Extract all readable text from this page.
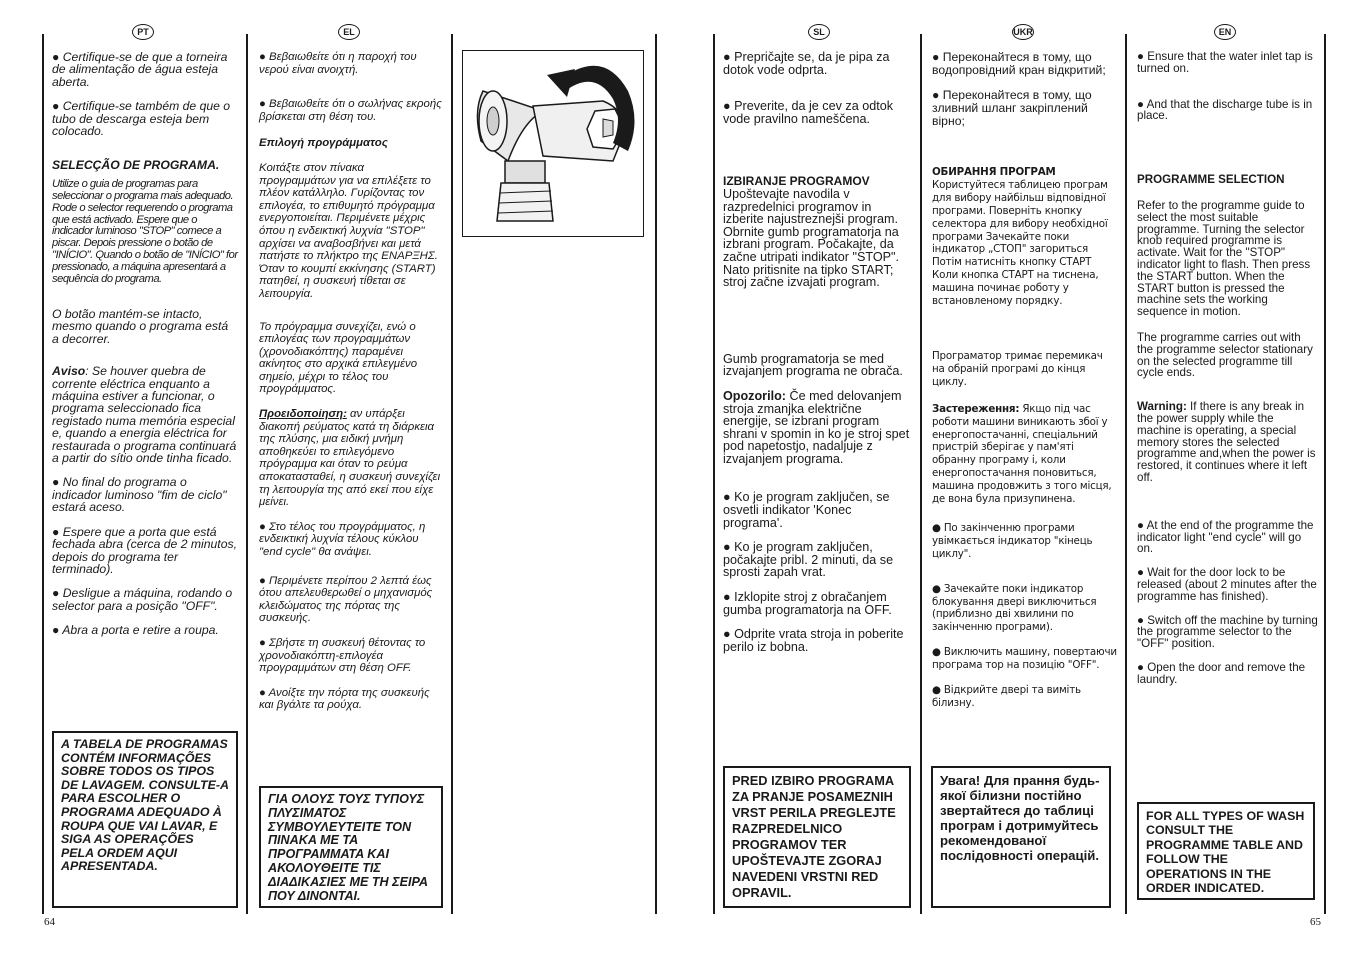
PT	EL	SL	UKR	EN

● Certifique-se de que a torneira de alimentação de água esteja aberta.

● Certifique-se também de que o tubo de descarga esteja bem colocado.

SELECÇÃO DE PROGRAMA.

Utilize o guia de programas para seleccionar o programa mais adequado. Rode o selector requerendo o programa que está activado. Espere que o indicador luminoso "STOP" comece a piscar. Depois pressione o botão de "INÍCIO". Quando o botão de "INÍCIO" for pressionado, a máquina apresentará a sequência do programa.

O botão mantém-se intacto, mesmo quando o programa está a decorrer.

Aviso: Se houver quebra de corrente eléctrica enquanto a máquina estiver a funcionar, o programa seleccionado fica registado numa memória especial e, quando a energia eléctrica for restaurada o programa continuará a partir do sítio onde tinha ficado.

● No final do programa o indicador luminoso "fim de ciclo" estará aceso.

● Espere que a porta que está fechada abra (cerca de 2 minutos, depois do programa ter terminado).

● Desligue a máquina, rodando o selector para a posição "OFF".

● Abra a porta e retire a roupa.

A TABELA DE PROGRAMAS CONTÉM INFORMAÇÕES SOBRE TODOS OS TIPOS DE LAVAGEM. CONSULTE-A PARA ESCOLHER O PROGRAMA ADEQUADO À ROUPA QUE VAI LAVAR, E SIGA AS OPERAÇÕES PELA ORDEM AQUI APRESENTADA.

● Βεβαιωθείτε ότι η παροχή του νερού είναι ανοιχτή.

● Βεβαιωθείτε ότι ο σωλήνας εκροής βρίσκεται στη θέση του.

Επιλογή προγράμματος

Κοιτάξτε στον πίνακα προγραμμάτων για να επιλέξετε το πλέον κατάλληλο. Γυρίζοντας τον επιλογέα, το επιθυμητό πρόγραμμα ενεργοποιείται. Περιμένετε μέχρις όπου η ενδεικτική λυχνία "STOP" αρχίσει να αναβοσβήνει και μετά πατήστε το πλήκτρο της ΕΝΑΡΞΗΣ. Όταν το κουμπί εκκίνησης (START) πατηθεί, η συσκευή τίθεται σε λειτουργία.

Το πρόγραμμα συνεχίζει, ενώ ο επιλογέας των προγραμμάτων (χρονοδιακόπτης) παραμένει ακίνητος στο αρχικά επιλεγμένο σημείο, μέχρι το τέλος του προγράμματος.

Προειδοποίηση: αν υπάρξει διακοπή ρεύματος κατά τη διάρκεια της πλύσης, μια ειδική μνήμη αποθηκεύει το επιλεγόμενο πρόγραμμα και όταν το ρεύμα αποκατασταθεί, η συσκευή συνεχίζει τη λειτουργία της από εκεί που είχε μείνει.

● Στο τέλος του προγράμματος, η ενδεικτική λυχνία τέλους κύκλου "end cycle" θα ανάψει.

● Περιμένετε περίπου 2 λεπτά έως ότου απελευθερωθεί ο μηχανισμός κλειδώματος της πόρτας της συσκευής.

● Σβήστε τη συσκευή θέτοντας το χρονοδιακόπτη-επιλογέα προγραμμάτων στη θέση OFF.

● Ανοίξτε την πόρτα της συσκευής και βγάλτε τα ρούχα.

ΓΙΑ ΟΛΟΥΣ ΤΟΥΣ ΤΥΠΟΥΣ ΠΛΥΣΙΜΑΤΟΣ ΣΥΜΒΟΥΛΕΥΤΕΙΤΕ ΤΟΝ ΠΙΝΑΚΑ ΜΕ ΤΑ ΠΡΟΓΡΑΜΜΑΤΑ ΚΑΙ ΑΚΟΛΟΥΘΕΙΤΕ ΤΙΣ ΔΙΑΔΙΚΑΣΙΕΣ ΜΕ ΤΗ ΣΕΙΡΑ ΠΟΥ ΔΙΝΟΝΤΑΙ.

● Prepričajte se, da je pipa za dotok vode odprta.

● Preverite, da je cev za odtok vode pravilno nameščena.

IZBIRANJE PROGRAMOV

Upoštevajte navodila v razpredelnici programov in izberite najustreznejši program. Obrnite gumb programatorja na izbrani program. Počakajte, da začne utripati indikator "STOP". Nato pritisnite na tipko START; stroj začne izvajati program.

Gumb programatorja se med izvajanjem programa ne obrača.

Opozorilo: Če med delovanjem stroja zmanjka električne energije, se izbrani program shrani v spomin in ko je stroj spet pod napetostjo, nadaljuje z izvajanjem programa.

● Ko je program zaključen, se osvetli indikator 'Konec programa'.

● Ko je program zaključen, počakajte pribl. 2 minuti, da se sprosti zapah vrat.

● Izklopite stroj z obračanjem gumba programatorja na OFF.

● Odprite vrata stroja in poberite perilo iz bobna.

PRED IZBIRO PROGRAMA ZA PRANJE POSAMEZNIH VRST PERILA PREGLEJTE RAZPREDELNICO PROGRAMOV TER UPOŠTEVAJTE ZGORAJ NAVEDENI VRSTNI RED OPRAVIL.

● Переконайтеся в тому, що водопровідний кран відкритий;

● Переконайтеся в тому, що зливний шланг закріплений вірно;

ОБИРАННЯ ПРОГРАМ

Користуйтеся таблицею програм для вибору найбільш відповідної програми. Поверніть кнопку селектора для вибору необхідної програми Зачекайте поки індикатор „СТОП" загориться Потім натисніть кнопку СТАРТ Коли кнопка СТАРТ на тиснена, машина починає роботу у встановленому порядку.

Програматор тримає перемикач на обраній програмі до кінця циклу.

Застереження: Якщо під час роботи машини виникають збої у енергопостачанні, спеціальний пристрій зберігає у пам'яті обранну програму і, коли енергопостачання поновиться, машина продовжить з того місця, де вона була призупинена.

● По закінченню програми увімкається індикатор "кінець циклу".

● Зачекайте поки індикатор блокування дверi виключиться (приблизно дві хвилини по закінченню програми).

● Виключить машину, повертаючи програма тор на позицію "OFF".

● Відкрийте двері та виміть білизну.

Увага! Для прання будь-якої білизни постійно звертайтеся до таблиці програм і дотримуйтесь рекомендованої послідовності операцій.

● Ensure that the water inlet tap is turned on.

● And that the discharge tube is in place.

PROGRAMME SELECTION

Refer to the programme guide to select the most suitable programme. Turning the selector knob required programme is activate. Wait for the "STOP" indicator light to flash. Then press the START button. When the START button is pressed the machine sets the working sequence in motion.

The programme carries out with the programme selector stationary on the selected programme till cycle ends.

Warning: If there is any break in the power supply while the machine is operating, a special memory stores the selected programme and,when the power is restored, it continues where it left off.

● At the end of the programme the indicator light "end cycle" will go on.

● Wait for the door lock to be released (about 2 minutes after the programme has finished).

● Switch off the machine by turning the programme selector to the "OFF" position.

● Open the door and remove the laundry.

FOR ALL TYPES OF WASH CONSULT THE PROGRAMME TABLE AND FOLLOW THE OPERATIONS IN THE ORDER INDICATED.
64	65
